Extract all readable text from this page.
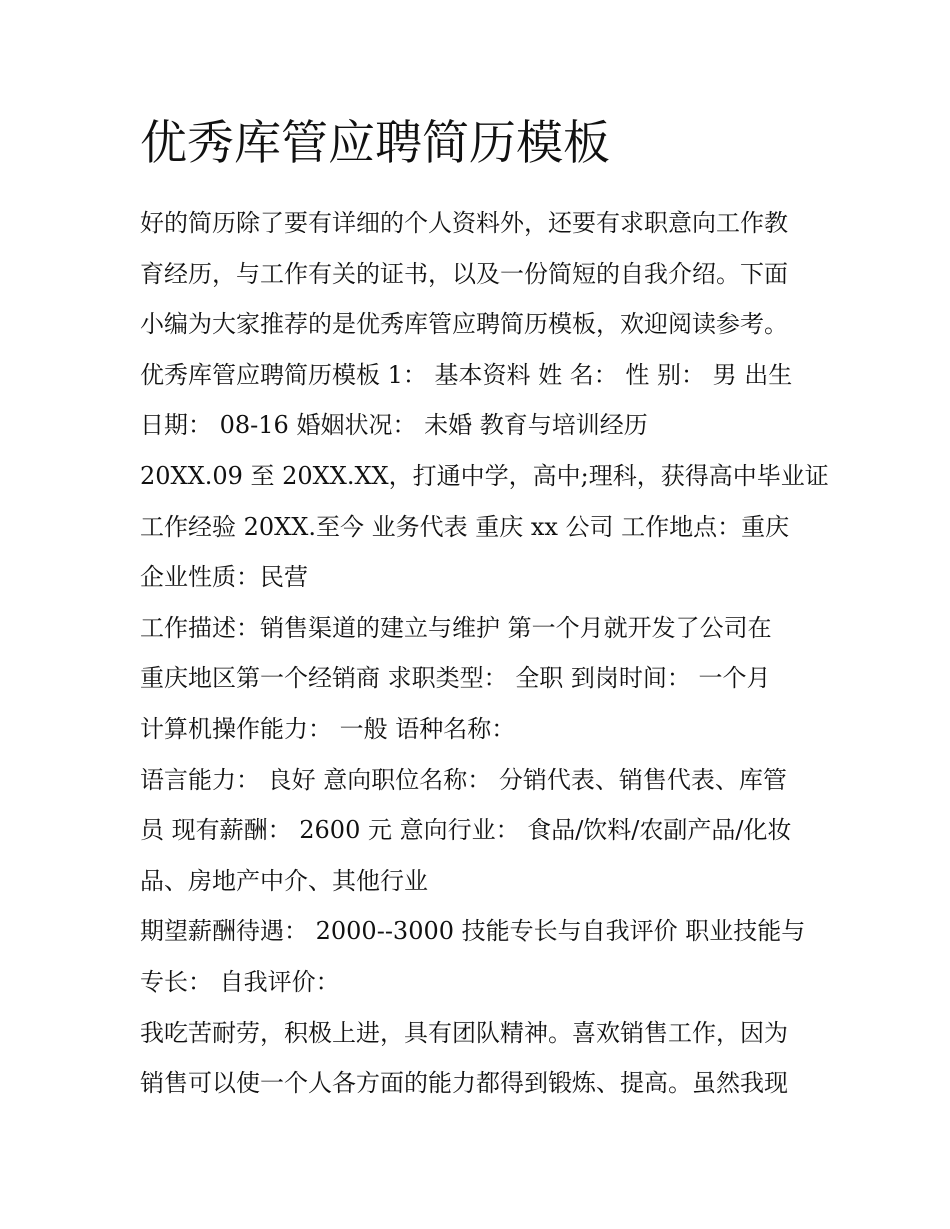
优秀库管应聘简历模板
好的简历除了要有详细的个人资料外，还要有求职意向工作教
育经历，与工作有关的证书，以及一份简短的自我介绍。下面
小编为大家推荐的是优秀库管应聘简历模板，欢迎阅读参考。
优秀库管应聘简历模板 1： 基本资料 姓 名： 性 别： 男 出生
日期： 08-16 婚姻状况： 未婚 教育与培训经历
20XX.09 至 20XX.XX，打通中学，高中;理科，获得高中毕业证
工作经验 20XX.至今 业务代表 重庆 xx 公司 工作地点：重庆
企业性质：民营
工作描述：销售渠道的建立与维护 第一个月就开发了公司在
重庆地区第一个经销商 求职类型： 全职 到岗时间： 一个月
计算机操作能力： 一般 语种名称：
语言能力： 良好 意向职位名称： 分销代表、销售代表、库管
员 现有薪酬： 2600 元 意向行业： 食品/饮料/农副产品/化妆
品、房地产中介、其他行业
期望薪酬待遇： 2000--3000 技能专长与自我评价 职业技能与
专长： 自我评价：
我吃苦耐劳，积极上进，具有团队精神。喜欢销售工作，因为
销售可以使一个人各方面的能力都得到锻炼、提高。虽然我现
